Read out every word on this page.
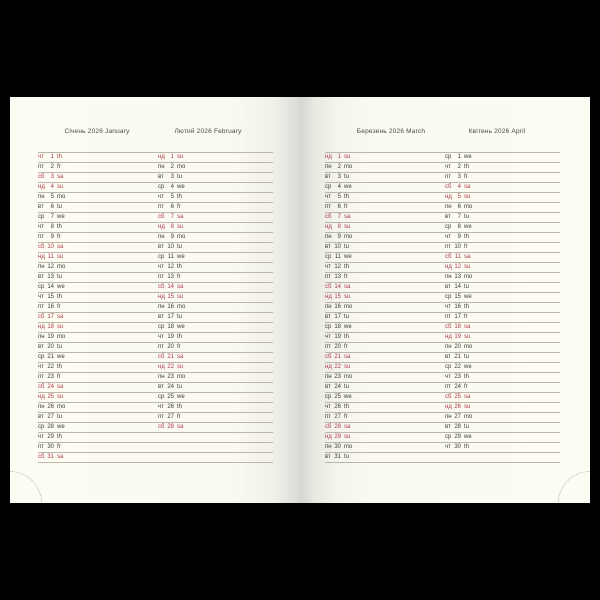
Січень 2026 January	Лютий 2026 February	Березень 2026 March	Квітень 2026 April
чт 1 th	нд 1 su
пт 2 fr	пн 2 mo
сб 3 sa	вт 3 tu
нд 4 su	ср 4 we
пн 5 mo	чт 5 th
вт 6 tu	пт 6 fr
ср 7 we	сб 7 sa
чт 8 th	нд 8 su
пт 9 fr	пн 9 mo
сб 10 sa	вт 10 tu
нд 11 su	ср 11 we
пн 12 mo	чт 12 th
вт 13 tu	пт 13 fr
ср 14 we	сб 14 sa
чт 15 th	нд 15 su
пт 16 fr	пн 16 mo
сб 17 sa	вт 17 tu
нд 18 su	ср 18 we
пн 19 mo	чт 19 th
вт 20 tu	пт 20 fr
ср 21 we	сб 21 sa
чт 22 th	нд 22 su
пт 23 fr	пн 23 mo
сб 24 sa	вт 24 tu
нд 25 su	ср 25 we
пн 26 mo	чт 26 th
вт 27 tu	пт 27 fr
ср 28 we	сб 28 sa
чт 29 th
пт 30 fr
сб 31 sa
нд 1 su	ср 1 we
пн 2 mo	чт 2 th
вт 3 tu	пт 3 fr
ср 4 we	сб 4 sa
чт 5 th	нд 5 su
пт 6 fr	пн 6 mo
сб 7 sa	вт 7 tu
нд 8 su	ср 8 we
пн 9 mo	чт 9 th
вт 10 tu	пт 10 fr
ср 11 we	сб 11 sa
чт 12 th	нд 12 su
пт 13 fr	пн 13 mo
сб 14 sa	вт 14 tu
нд 15 su	ср 15 we
пн 16 mo	чт 16 th
вт 17 tu	пт 17 fr
ср 18 we	сб 18 sa
чт 19 th	нд 19 su
пт 20 fr	пн 20 mo
сб 21 sa	вт 21 tu
нд 22 su	ср 22 we
пн 23 mo	чт 23 th
вт 24 tu	пт 24 fr
ср 25 we	сб 25 sa
чт 26 th	нд 26 su
пт 27 fr	пн 27 mo
сб 28 sa	вт 28 tu
нд 29 su	ср 29 we
пн 30 mo	чт 30 th
вт 31 tu
